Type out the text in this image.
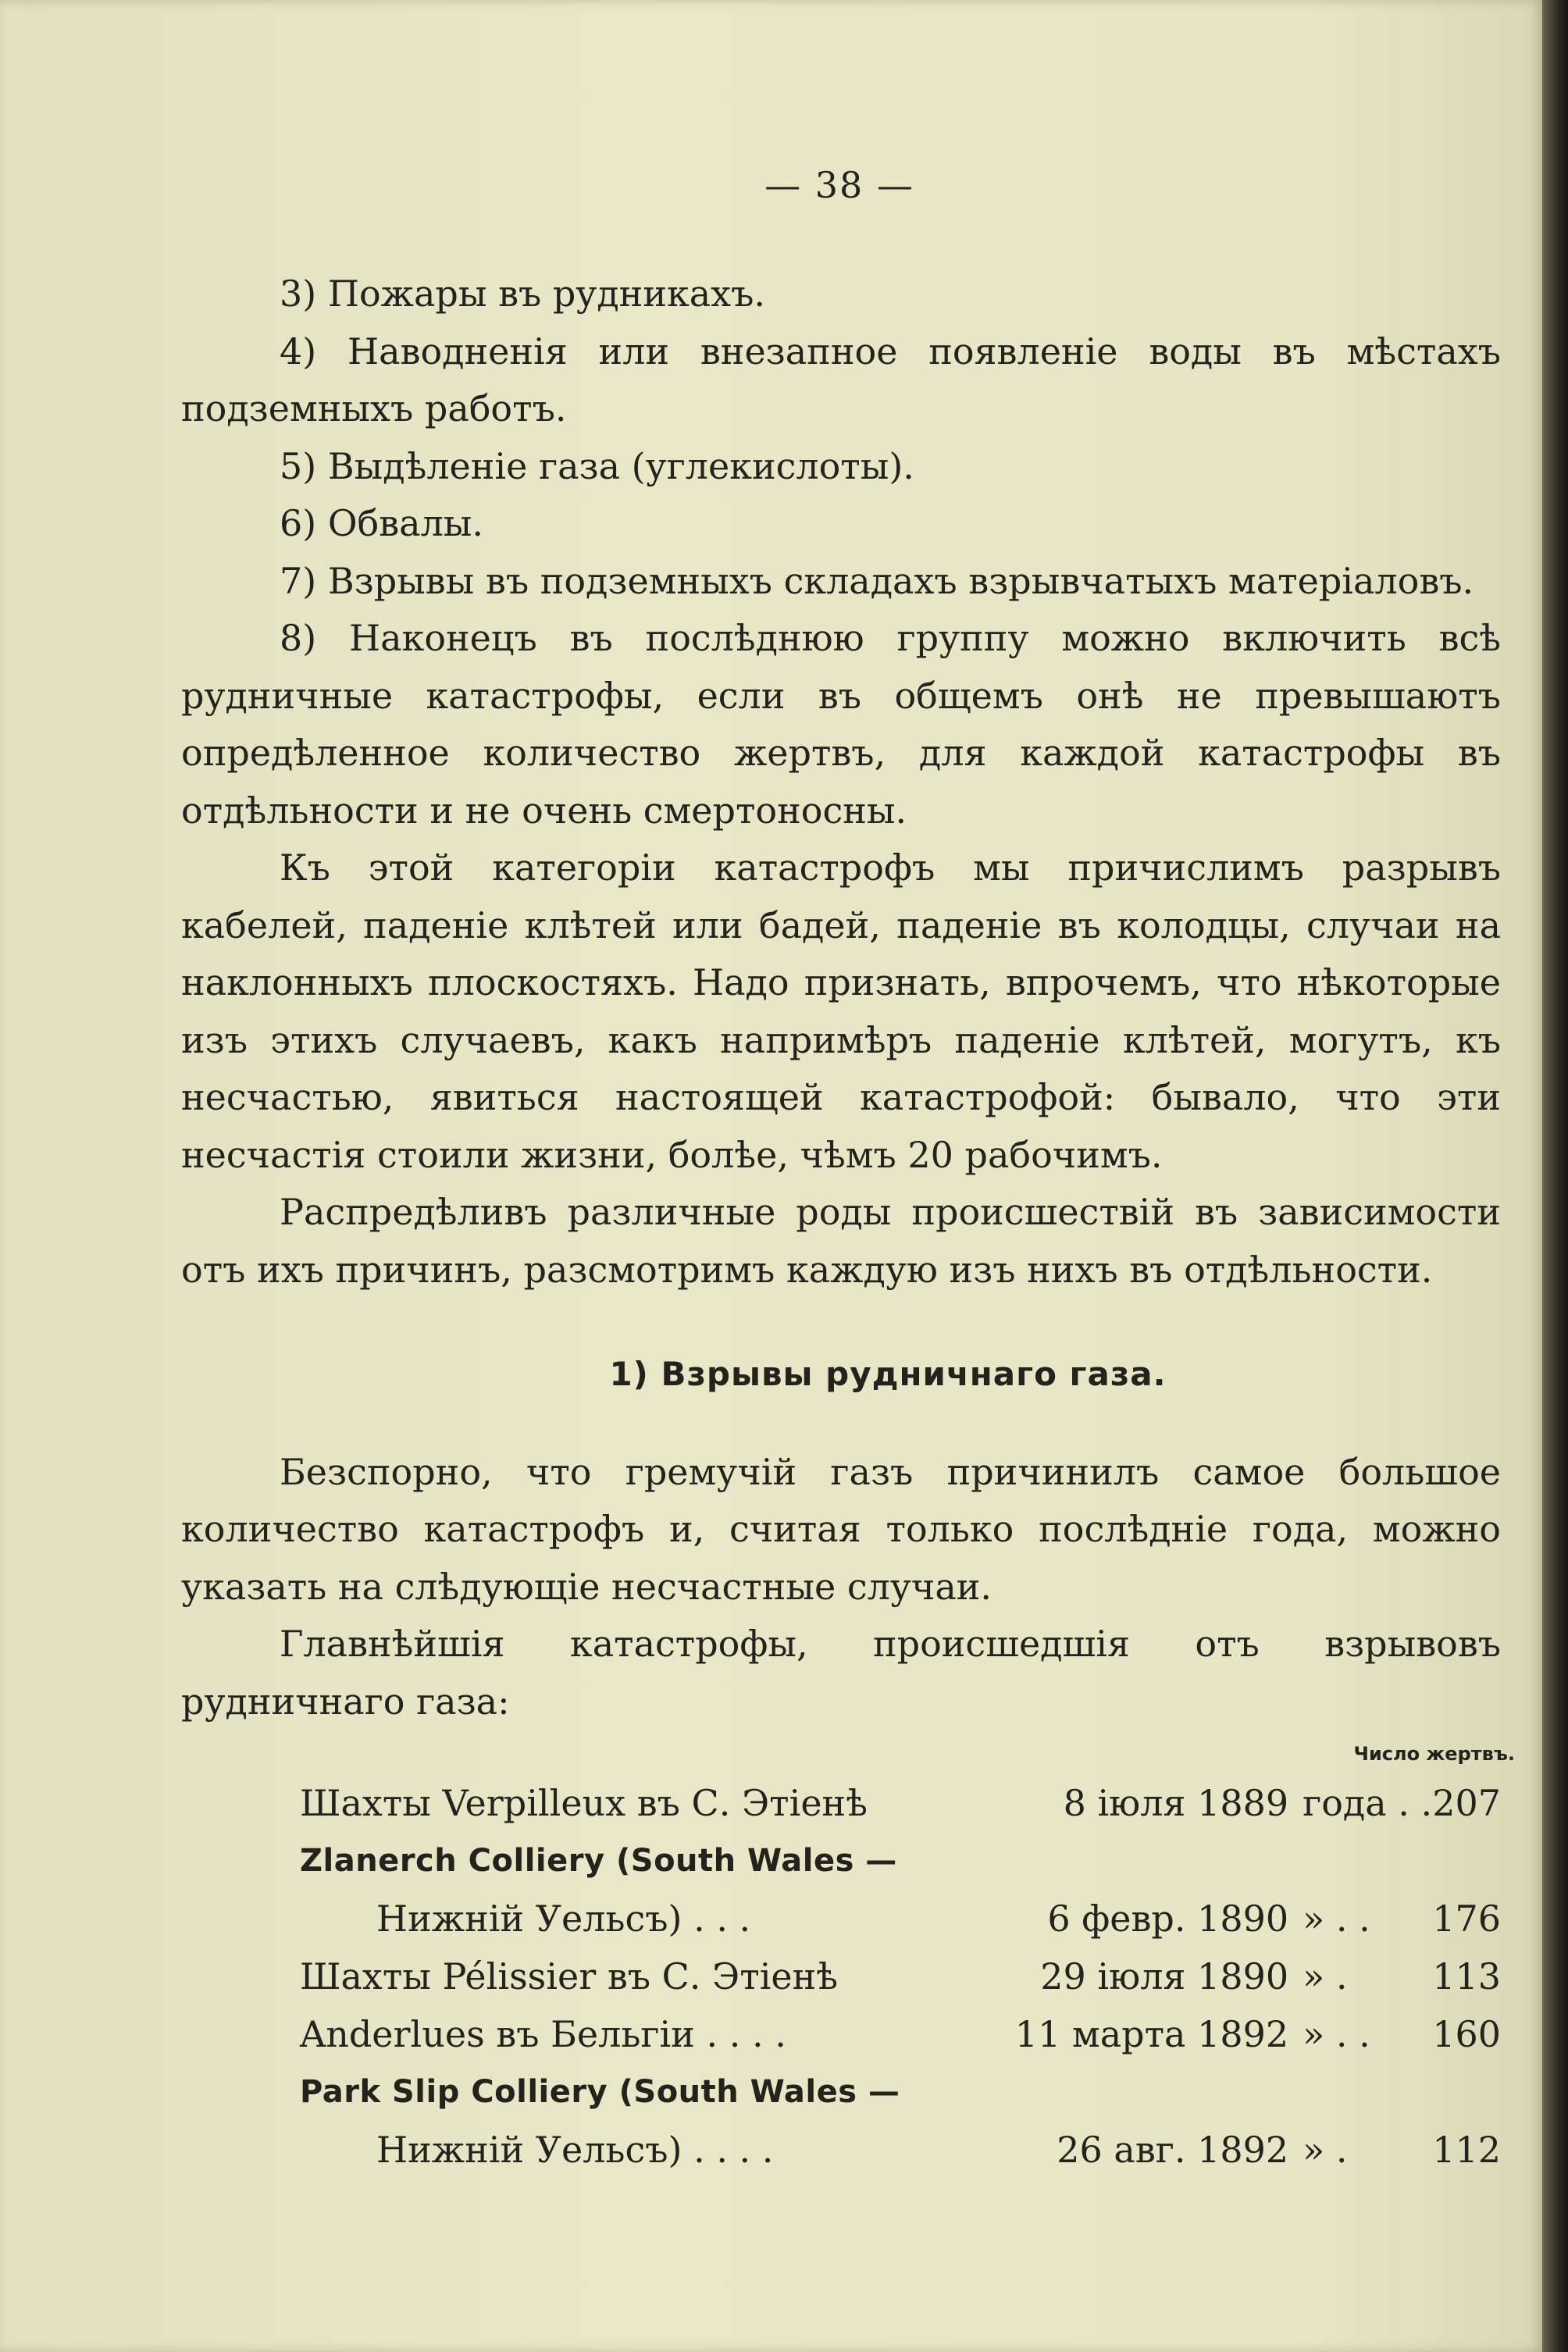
— 38 —

3) Пожары въ рудникахъ.

4) Наводненія или внезапное появленіе воды въ мѣстахъ подземныхъ работъ.

5) Выдѣленіе газа (углекислоты).

6) Обвалы.

7) Взрывы въ подземныхъ складахъ взрывчатыхъ матеріаловъ.

8) Наконецъ въ послѣднюю группу можно включить всѣ рудничные катастрофы, если въ общемъ онѣ не превышаютъ опредѣленное количество жертвъ, для каждой катастрофы въ отдѣльности и не очень смертоносны.

Къ этой категоріи катастрофъ мы причислимъ разрывъ кабелей, паденіе клѣтей или бадей, паденіе въ колодцы, случаи на наклонныхъ плоскостяхъ. Надо признать, впрочемъ, что нѣкоторые изъ этихъ случаевъ, какъ напримѣръ паденіе клѣтей, могутъ, къ несчастью, явиться настоящей катастрофой: бывало, что эти несчастія стоили жизни, болѣе, чѣмъ 20 рабочимъ.

Распредѣливъ различные роды происшествій въ зависимости отъ ихъ причинъ, разсмотримъ каждую изъ нихъ въ отдѣльности.

1) Взрывы рудничнаго газа.

Безспорно, что гремучій газъ причинилъ самое большое количество катастрофъ и, считая только послѣдніе года, можно указать на слѣдующіе несчастные случаи.

Главнѣйшія катастрофы, происшедшія отъ взрывовъ рудничнаго газа:

Число жертвъ.
Шахты Verpilleux въ С. Этіенѣ	8 іюля 1889	года . .	207
Zlanerch Colliery (South Wales —			
Нижній Уельсъ) . . .	6 февр. 1890	» . .	176
Шахты Pélissier въ С. Этіенѣ	29 іюля 1890	» .	113
Anderlues въ Бельгіи . . . .	11 марта 1892	» . .	160
Park Slip Colliery (South Wales —			
Нижній Уельсъ) . . . .	26 авг. 1892	» .	112
